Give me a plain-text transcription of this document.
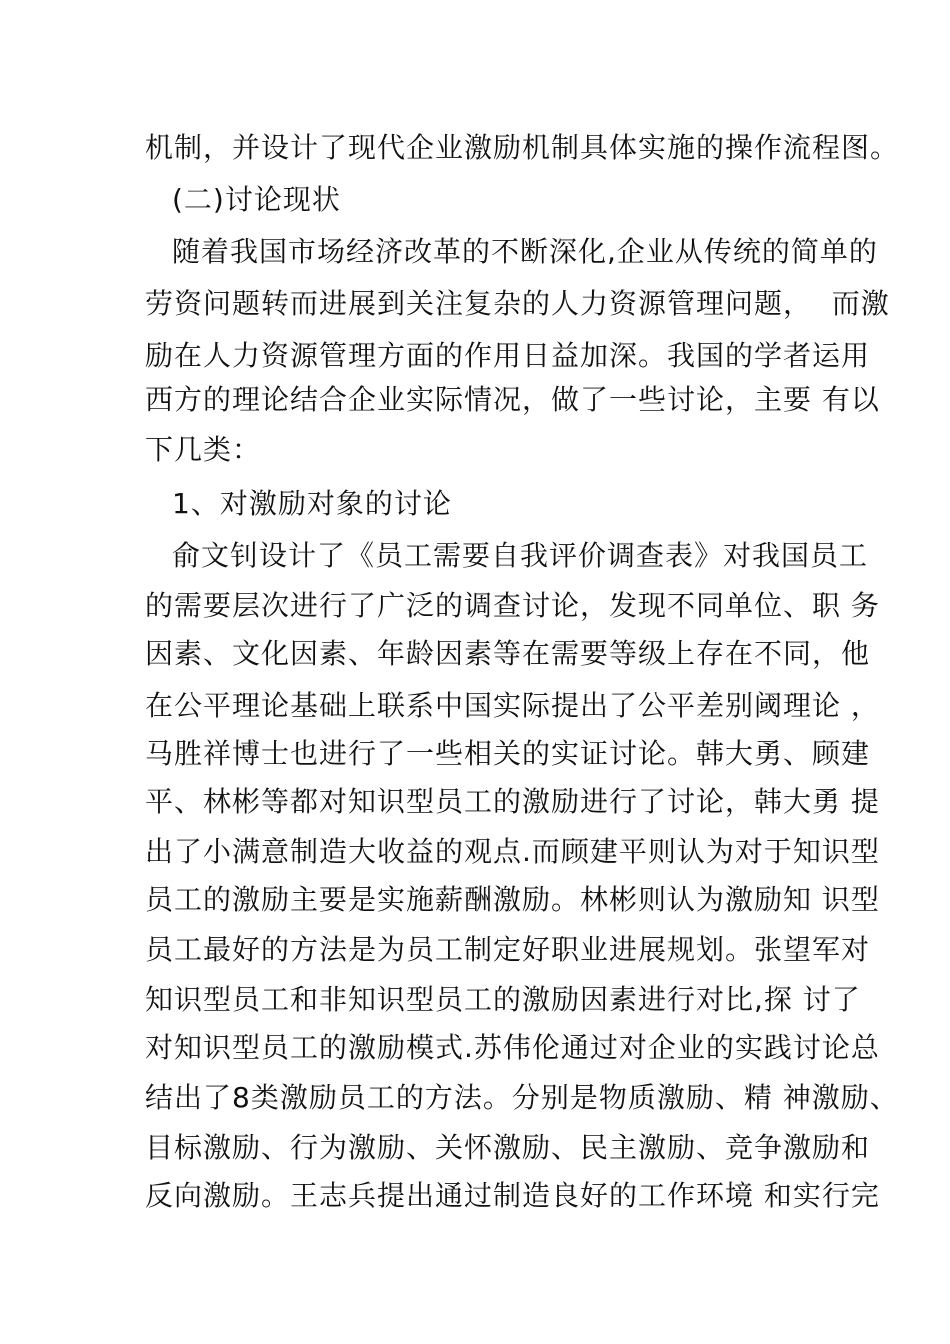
机制，并设计了现代企业激励机制具体实施的操作流程图。
(二)讨论现状
随着我国市场经济改革的不断深化,企业从传统的简单的
劳资问题转而进展到关注复杂的人力资源管理问题，  而激
励在人力资源管理方面的作用日益加深。我国的学者运用
西方的理论结合企业实际情况，做了一些讨论，主要 有以
下几类：
1、对激励对象的讨论
俞文钊设计了《员工需要自我评价调查表》对我国员工
的需要层次进行了广泛的调查讨论，发现不同单位、职 务
因素、文化因素、年龄因素等在需要等级上存在不同，他
在公平理论基础上联系中国实际提出了公平差别阈理论 ，
马胜祥博士也进行了一些相关的实证讨论。韩大勇、顾建
平、林彬等都对知识型员工的激励进行了讨论，韩大勇 提
出了小满意制造大收益的观点.而顾建平则认为对于知识型
员工的激励主要是实施薪酬激励。林彬则认为激励知 识型
员工最好的方法是为员工制定好职业进展规划。张望军对
知识型员工和非知识型员工的激励因素进行对比,探 讨了
对知识型员工的激励模式.苏伟伦通过对企业的实践讨论总
结出了8类激励员工的方法。分别是物质激励、精 神激励、
目标激励、行为激励、关怀激励、民主激励、竞争激励和
反向激励。王志兵提出通过制造良好的工作环境 和实行完
